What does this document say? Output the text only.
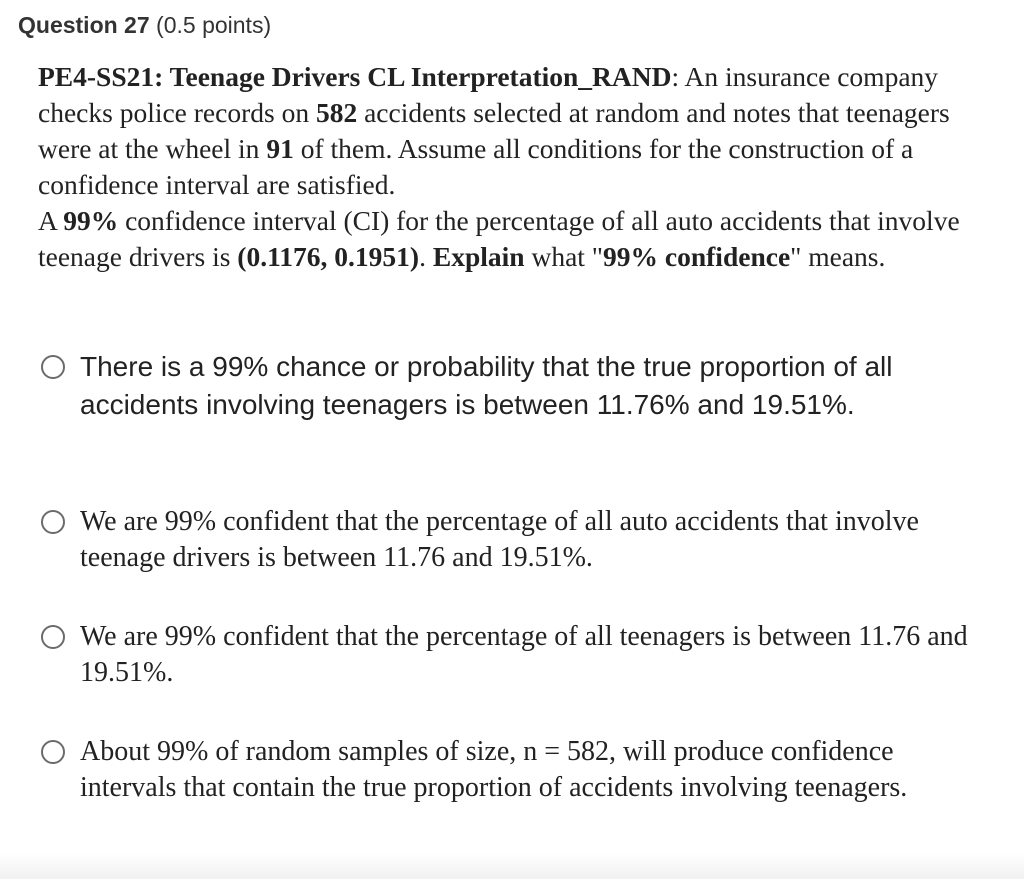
Question 27 (0.5 points)
PE4-SS21: Teenage Drivers CL Interpretation_RAND: An insurance company checks police records on 582 accidents selected at random and notes that teenagers were at the wheel in 91 of them. Assume all conditions for the construction of a confidence interval are satisfied.
A 99% confidence interval (CI) for the percentage of all auto accidents that involve teenage drivers is (0.1176, 0.1951). Explain what "99% confidence" means.
There is a 99% chance or probability that the true proportion of all accidents involving teenagers is between 11.76% and 19.51%.
We are 99% confident that the percentage of all auto accidents that involve teenage drivers is between 11.76 and 19.51%.
We are 99% confident that the percentage of all teenagers is between 11.76 and 19.51%.
About 99% of random samples of size, n = 582, will produce confidence intervals that contain the true proportion of accidents involving teenagers.
